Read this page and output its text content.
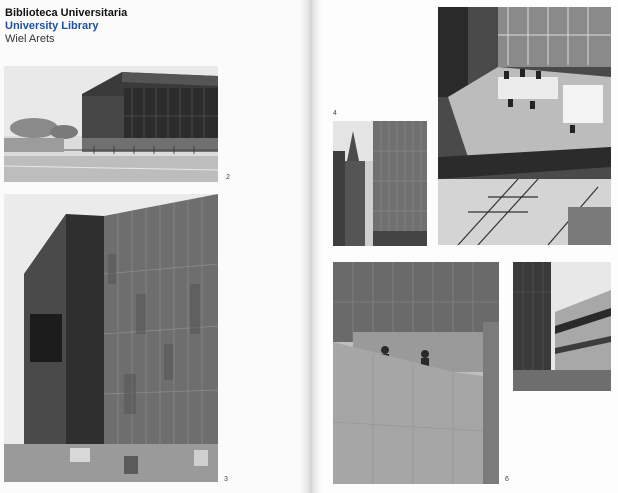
Biblioteca Universitaria
University Library
Wiel Arets
2
3
4
6
